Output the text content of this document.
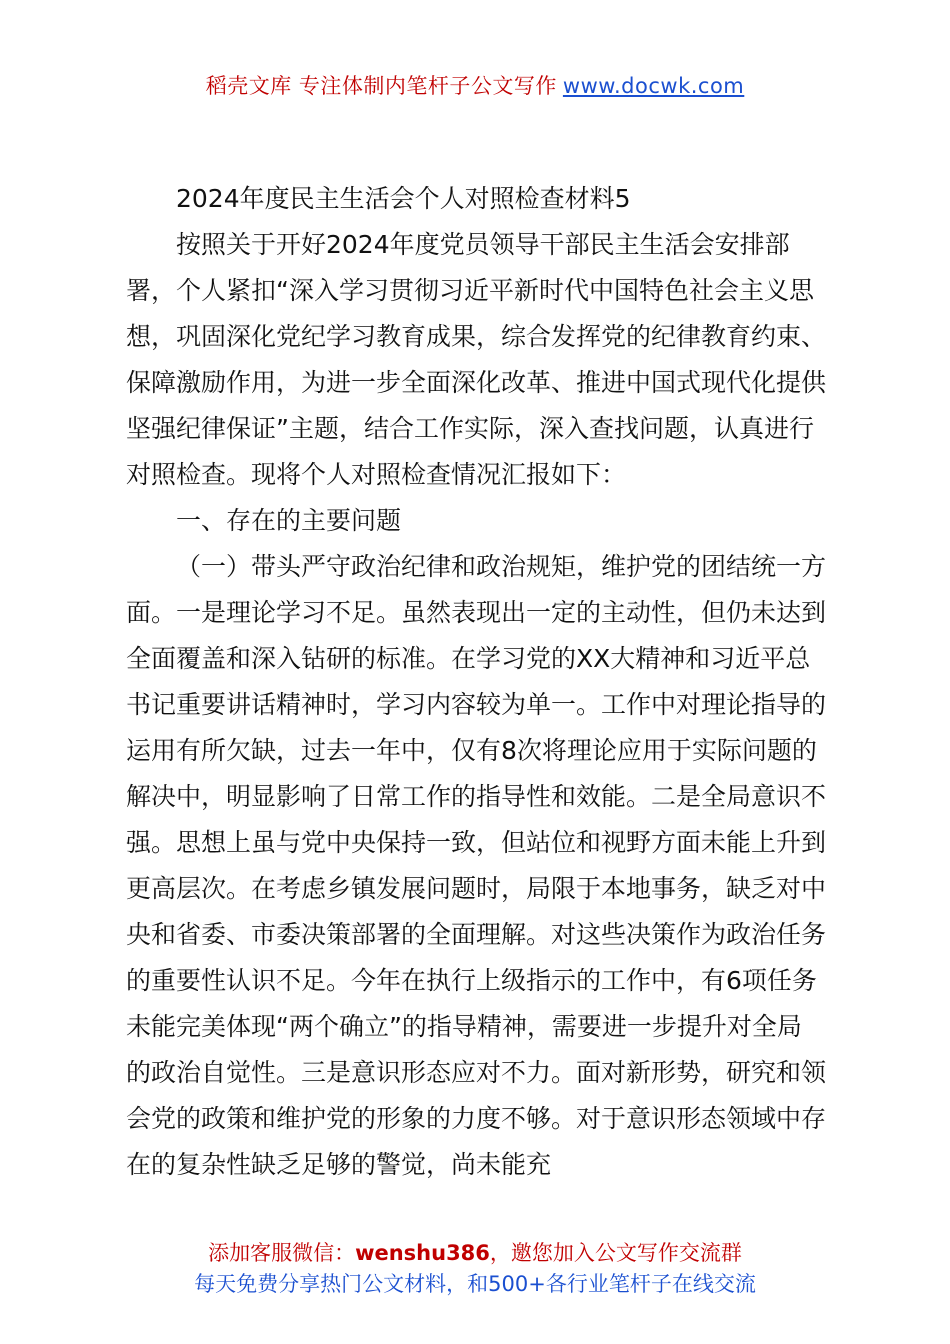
稻壳文库 专注体制内笔杆子公文写作 www.docwk.com

2024年度民主生活会个人对照检查材料5

按照关于开好2024年度党员领导干部民主生活会安排部署，个人紧扣“深入学习贯彻习近平新时代中国特色社会主义思想，巩固深化党纪学习教育成果，综合发挥党的纪律教育约束、保障激励作用，为进一步全面深化改革、推进中国式现代化提供坚强纪律保证”主题，结合工作实际，深入查找问题，认真进行对照检查。现将个人对照检查情况汇报如下：

一、存在的主要问题

（一）带头严守政治纪律和政治规矩，维护党的团结统一方面。一是理论学习不足。虽然表现出一定的主动性，但仍未达到全面覆盖和深入钻研的标准。在学习党的XX大精神和习近平总书记重要讲话精神时，学习内容较为单一。工作中对理论指导的运用有所欠缺，过去一年中，仅有8次将理论应用于实际问题的解决中，明显影响了日常工作的指导性和效能。二是全局意识不强。思想上虽与党中央保持一致，但站位和视野方面未能上升到更高层次。在考虑乡镇发展问题时，局限于本地事务，缺乏对中央和省委、市委决策部署的全面理解。对这些决策作为政治任务的重要性认识不足。今年在执行上级指示的工作中，有6项任务未能完美体现“两个确立”的指导精神，需要进一步提升对全局的政治自觉性。三是意识形态应对不力。面对新形势，研究和领会党的政策和维护党的形象的力度不够。对于意识形态领域中存在的复杂性缺乏足够的警觉，尚未能充

添加客服微信：wenshu386，邀您加入公文写作交流群
每天免费分享热门公文材料，和500+各行业笔杆子在线交流
